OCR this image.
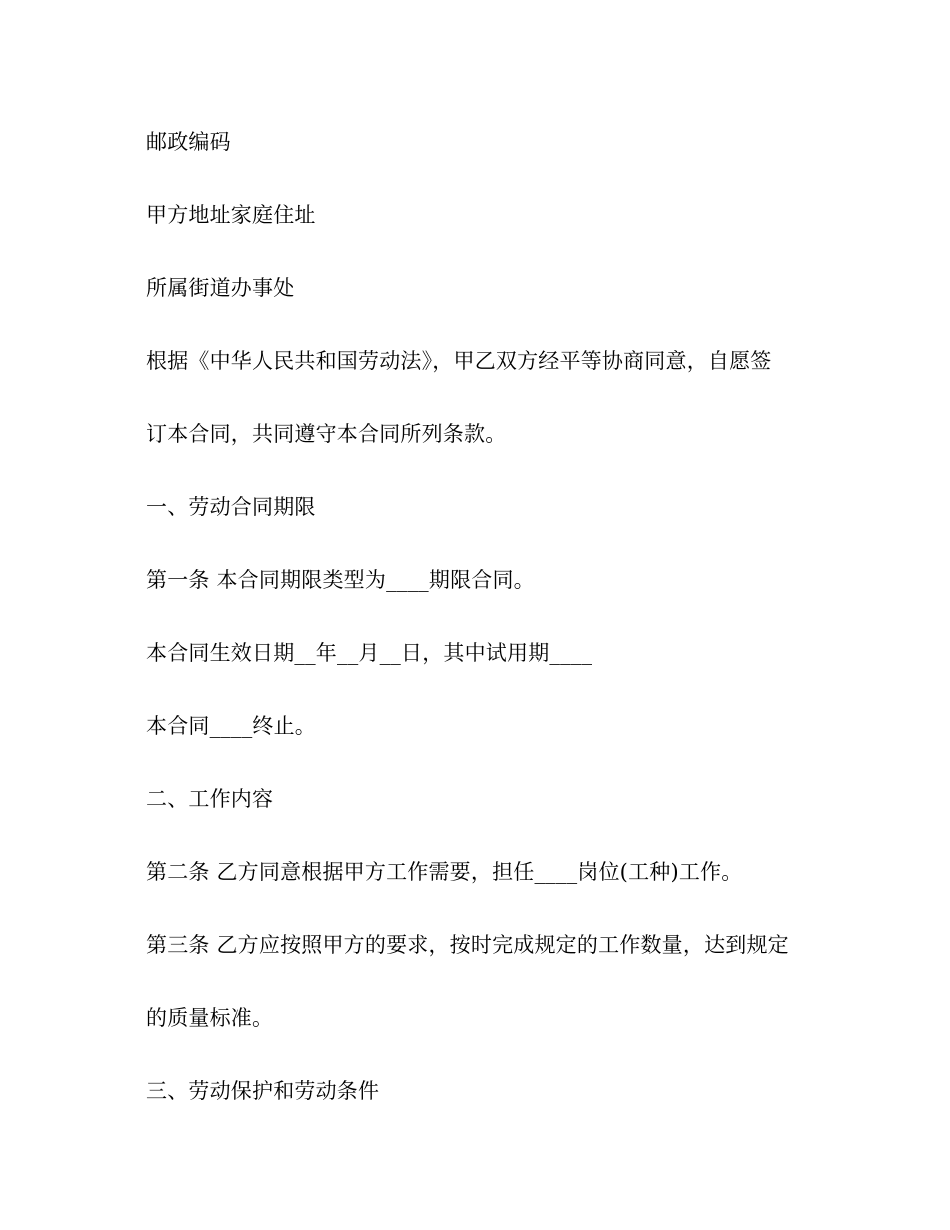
邮政编码
甲方地址家庭住址
所属街道办事处
根据《中华人民共和国劳动法》，甲乙双方经平等协商同意，自愿签
订本合同，共同遵守本合同所列条款。
一、劳动合同期限
第一条 本合同期限类型为____期限合同。
本合同生效日期__年__月__日，其中试用期____
本合同____终止。
二、工作内容
第二条 乙方同意根据甲方工作需要，担任____岗位(工种)工作。
第三条 乙方应按照甲方的要求，按时完成规定的工作数量，达到规定
的质量标准。
三、劳动保护和劳动条件
